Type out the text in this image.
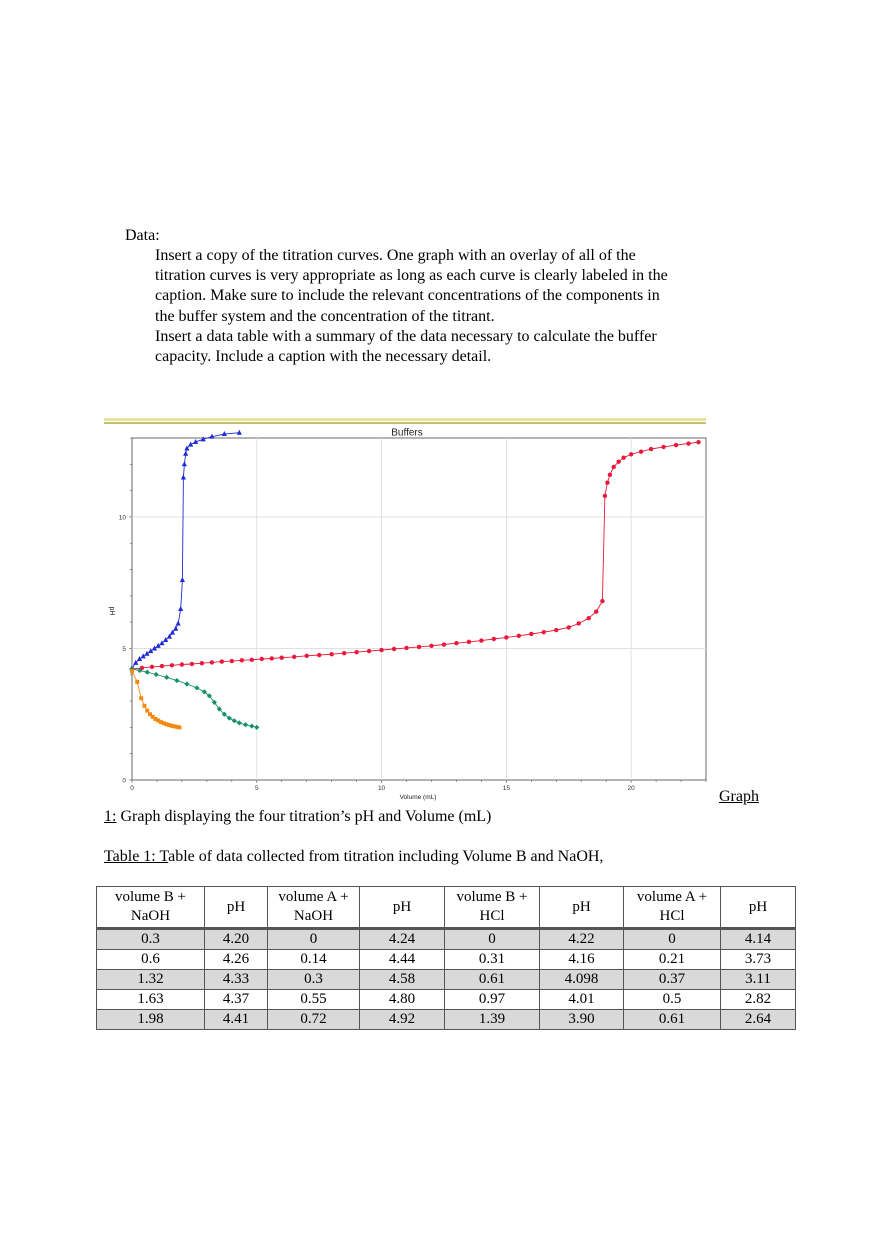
Data:

Insert a copy of the titration curves. One graph with an overlay of all of the titration curves is very appropriate as long as each curve is clearly labeled in the caption. Make sure to include the relevant concentrations of the components in the buffer system and the concentration of the titrant.

Insert a data table with a summary of the data necessary to calculate the buffer capacity. Include a caption with the necessary detail.

0	5	10	15	20
0
5
10
Buffers
Volume (mL)
pH
Graph
1: Graph displaying the four titration’s pH and Volume (mL)
Table 1: Table of data collected from titration including Volume B and NaOH,
volume B + NaOH	pH	volume A + NaOH	pH	volume B + HCl	pH	volume A + HCl	pH
0.3	4.20	0	4.24	0	4.22	0	4.14
0.6	4.26	0.14	4.44	0.31	4.16	0.21	3.73
1.32	4.33	0.3	4.58	0.61	4.098	0.37	3.11
1.63	4.37	0.55	4.80	0.97	4.01	0.5	2.82
1.98	4.41	0.72	4.92	1.39	3.90	0.61	2.64
